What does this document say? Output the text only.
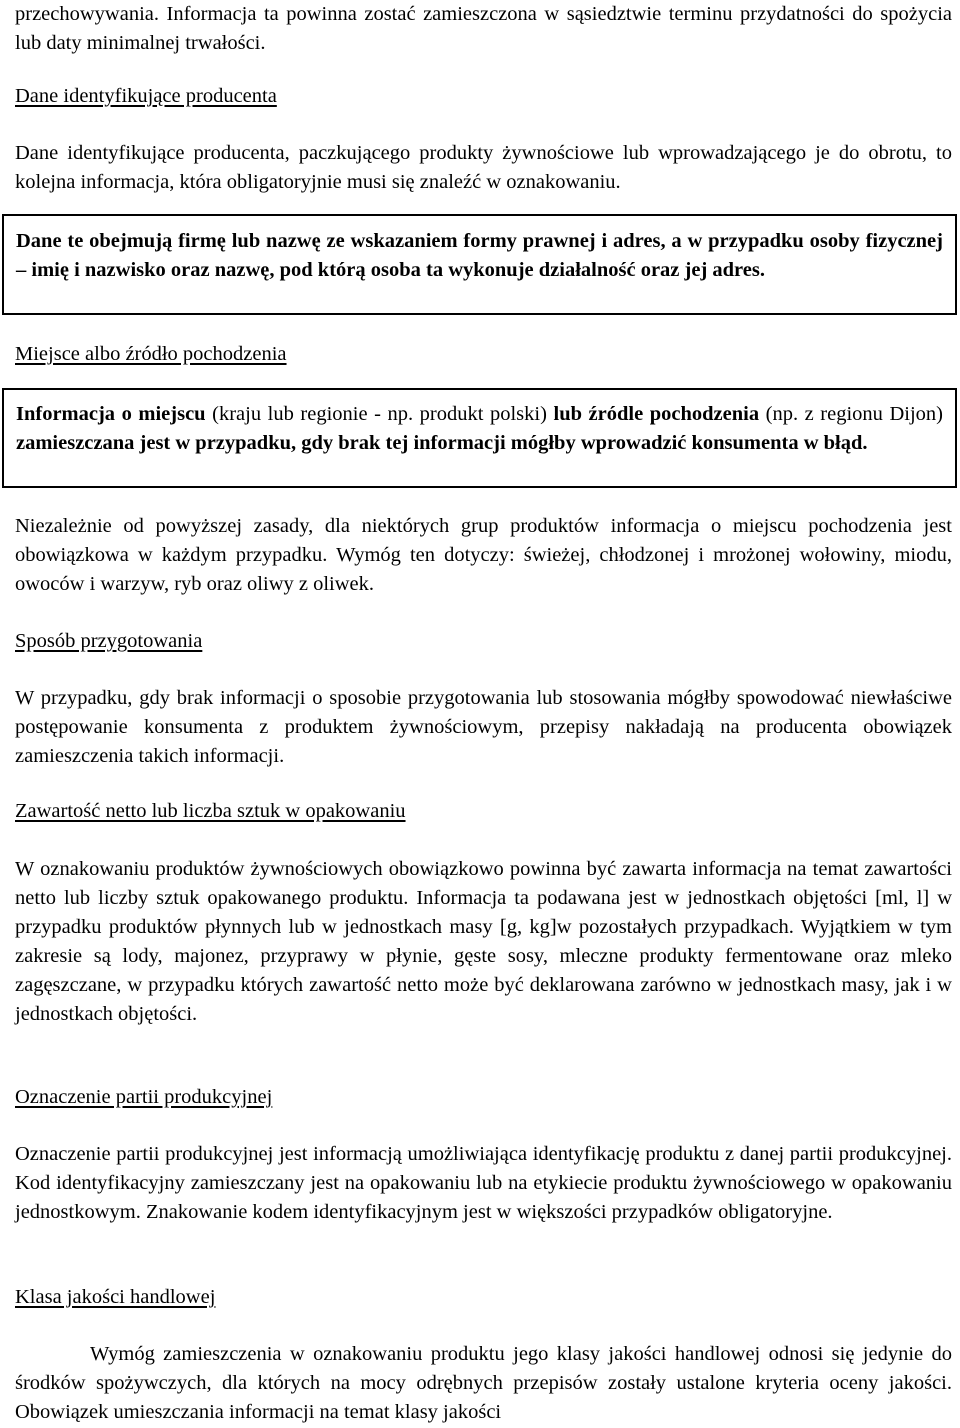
przechowywania. Informacja ta powinna zostać zamieszczona w sąsiedztwie terminu przydatności do spożycia lub daty minimalnej trwałości.

Dane identyfikujące producenta

Dane identyfikujące producenta, paczkującego produkty żywnościowe lub wprowadzającego je do obrotu, to kolejna informacja, która obligatoryjnie musi się znaleźć w oznakowaniu.

Dane te obejmują firmę lub nazwę ze wskazaniem formy prawnej i adres, a w przypadku osoby fizycznej – imię i nazwisko oraz nazwę, pod którą osoba ta wykonuje działalność oraz jej adres.

Miejsce albo źródło pochodzenia

Informacja o miejscu (kraju lub regionie - np. produkt polski) lub źródle pochodzenia (np. z regionu Dijon) zamieszczana jest w przypadku, gdy brak tej informacji mógłby wprowadzić konsumenta w błąd.

Niezależnie od powyższej zasady, dla niektórych grup produktów informacja o miejscu pochodzenia jest obowiązkowa w każdym przypadku. Wymóg ten dotyczy: świeżej, chłodzonej i mrożonej wołowiny, miodu, owoców i warzyw, ryb oraz oliwy z oliwek.

Sposób przygotowania

W przypadku, gdy brak informacji o sposobie przygotowania lub stosowania mógłby spowodować niewłaściwe postępowanie konsumenta z produktem żywnościowym, przepisy nakładają na producenta obowiązek zamieszczenia takich informacji.

Zawartość netto lub liczba sztuk w opakowaniu

W oznakowaniu produktów żywnościowych obowiązkowo powinna być zawarta informacja na temat zawartości netto lub liczby sztuk opakowanego produktu. Informacja ta podawana jest w jednostkach objętości [ml, l] w przypadku produktów płynnych lub w jednostkach masy [g, kg]w pozostałych przypadkach. Wyjątkiem w tym zakresie są lody, majonez, przyprawy w płynie, gęste sosy, mleczne produkty fermentowane oraz mleko zagęszczane, w przypadku których zawartość netto może być deklarowana zarówno w jednostkach masy, jak i w jednostkach objętości.

Oznaczenie partii produkcyjnej

Oznaczenie partii produkcyjnej jest informacją umożliwiająca identyfikację produktu z danej partii produkcyjnej. Kod identyfikacyjny zamieszczany jest na opakowaniu lub na etykiecie produktu żywnościowego w opakowaniu jednostkowym. Znakowanie kodem identyfikacyjnym jest w większości przypadków obligatoryjne.

Klasa jakości handlowej

Wymóg zamieszczenia w oznakowaniu produktu jego klasy jakości handlowej odnosi się jedynie do środków spożywczych, dla których na mocy odrębnych przepisów zostały ustalone kryteria oceny jakości. Obowiązek umieszczania informacji na temat klasy jakości
